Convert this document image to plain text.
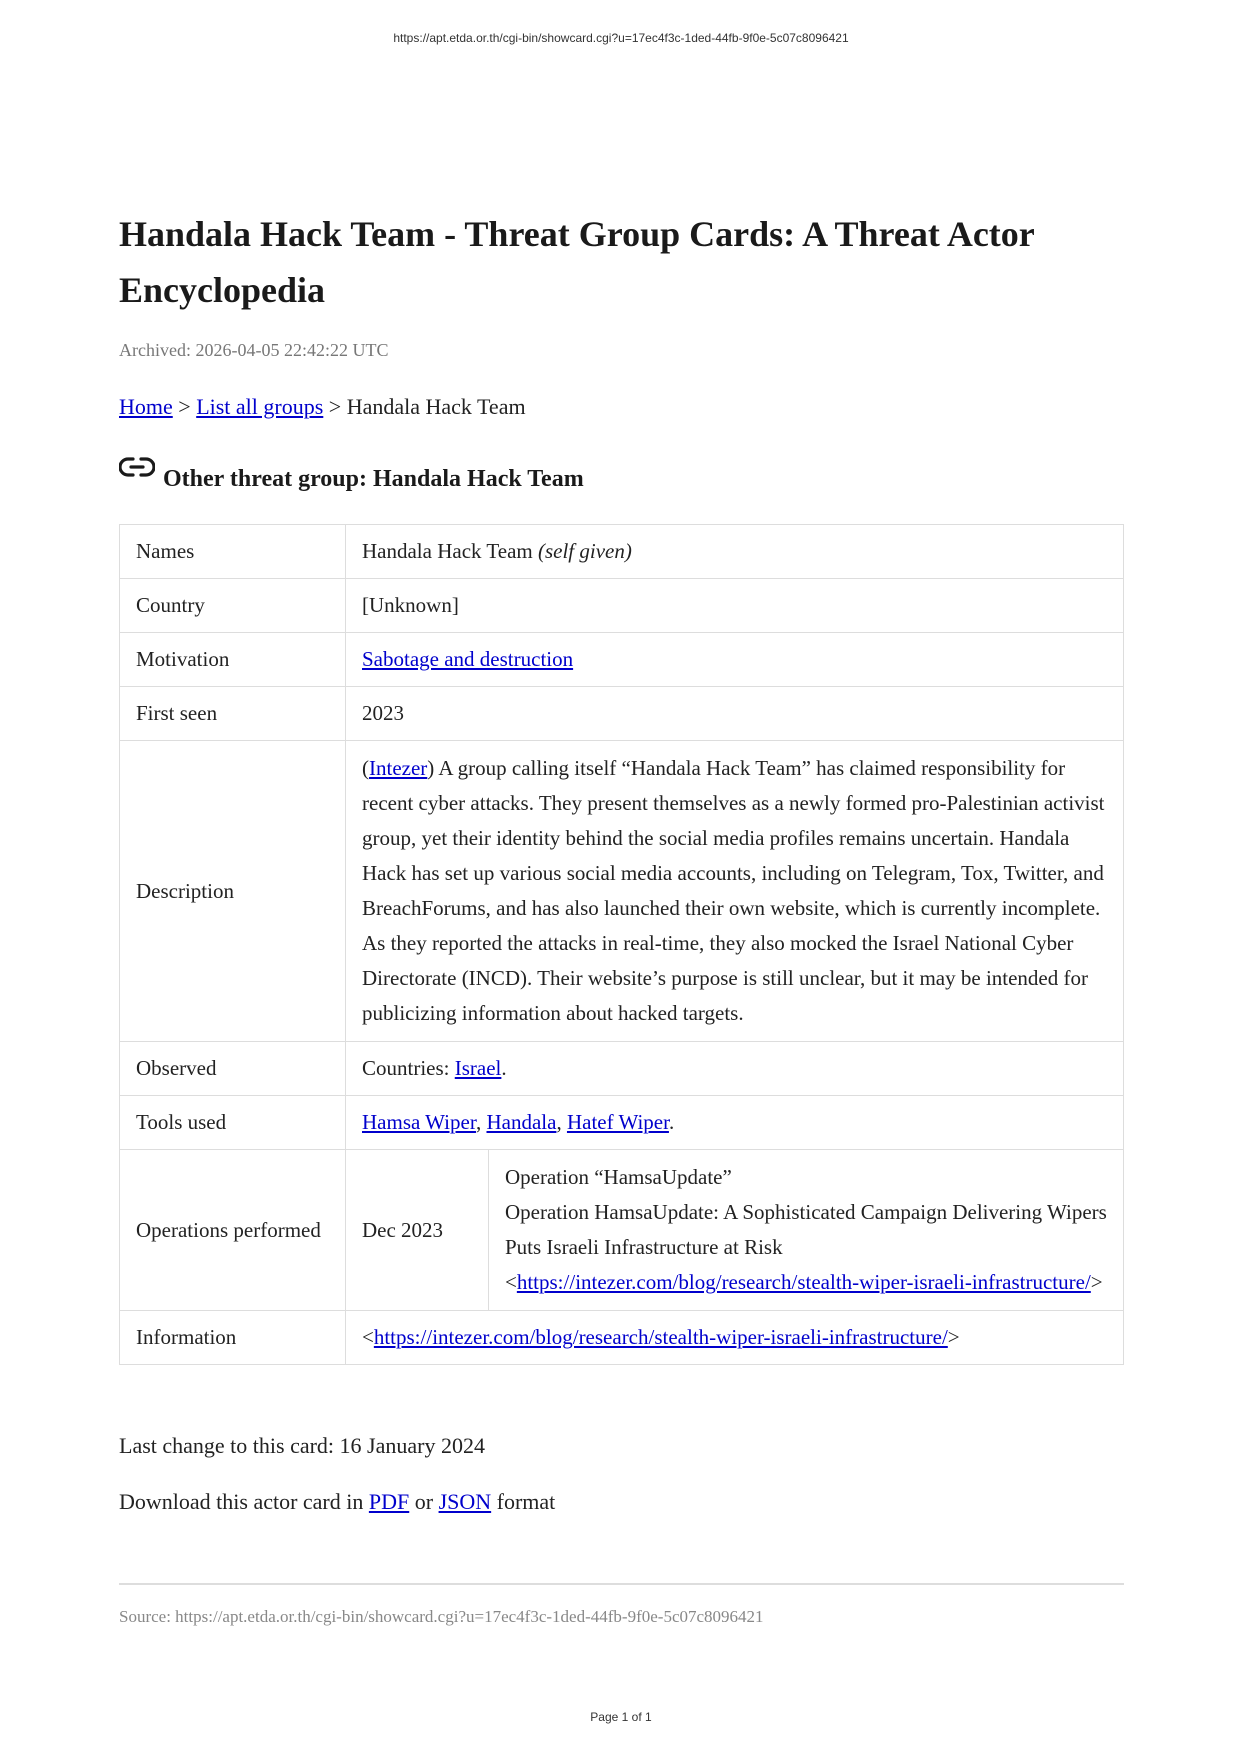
https://apt.etda.or.th/cgi-bin/showcard.cgi?u=17ec4f3c-1ded-44fb-9f0e-5c07c8096421
Handala Hack Team - Threat Group Cards: A Threat Actor Encyclopedia
Archived: 2026-04-05 22:42:22 UTC
Home > List all groups > Handala Hack Team
Other threat group: Handala Hack Team
Names	Handala Hack Team (self given)	
Country	[Unknown]	
Motivation	Sabotage and destruction	
First seen	2023	
Description	(Intezer) A group calling itself “Handala Hack Team” has claimed responsibility for recent cyber attacks. They present themselves as a newly formed pro-Palestinian activist group, yet their identity behind the social media profiles remains uncertain. Handala Hack has set up various social media accounts, including on Telegram, Tox, Twitter, and BreachForums, and has also launched their own website, which is currently incomplete. As they reported the attacks in real-time, they also mocked the Israel National Cyber Directorate (INCD). Their website’s purpose is still unclear, but it may be intended for publicizing information about hacked targets.	
Observed	Countries: Israel.	
Tools used	Hamsa Wiper, Handala, Hatef Wiper.	
Operations performed	Dec 2023	Operation “HamsaUpdate”
Operation HamsaUpdate: A Sophisticated Campaign Delivering Wipers Puts Israeli Infrastructure at Risk
<https://intezer.com/blog/research/stealth-wiper-israeli-infrastructure/>

Information	<https://intezer.com/blog/research/stealth-wiper-israeli-infrastructure/>	
Last change to this card: 16 January 2024
Download this actor card in PDF or JSON format
Source: https://apt.etda.or.th/cgi-bin/showcard.cgi?u=17ec4f3c-1ded-44fb-9f0e-5c07c8096421
Page 1 of 1
